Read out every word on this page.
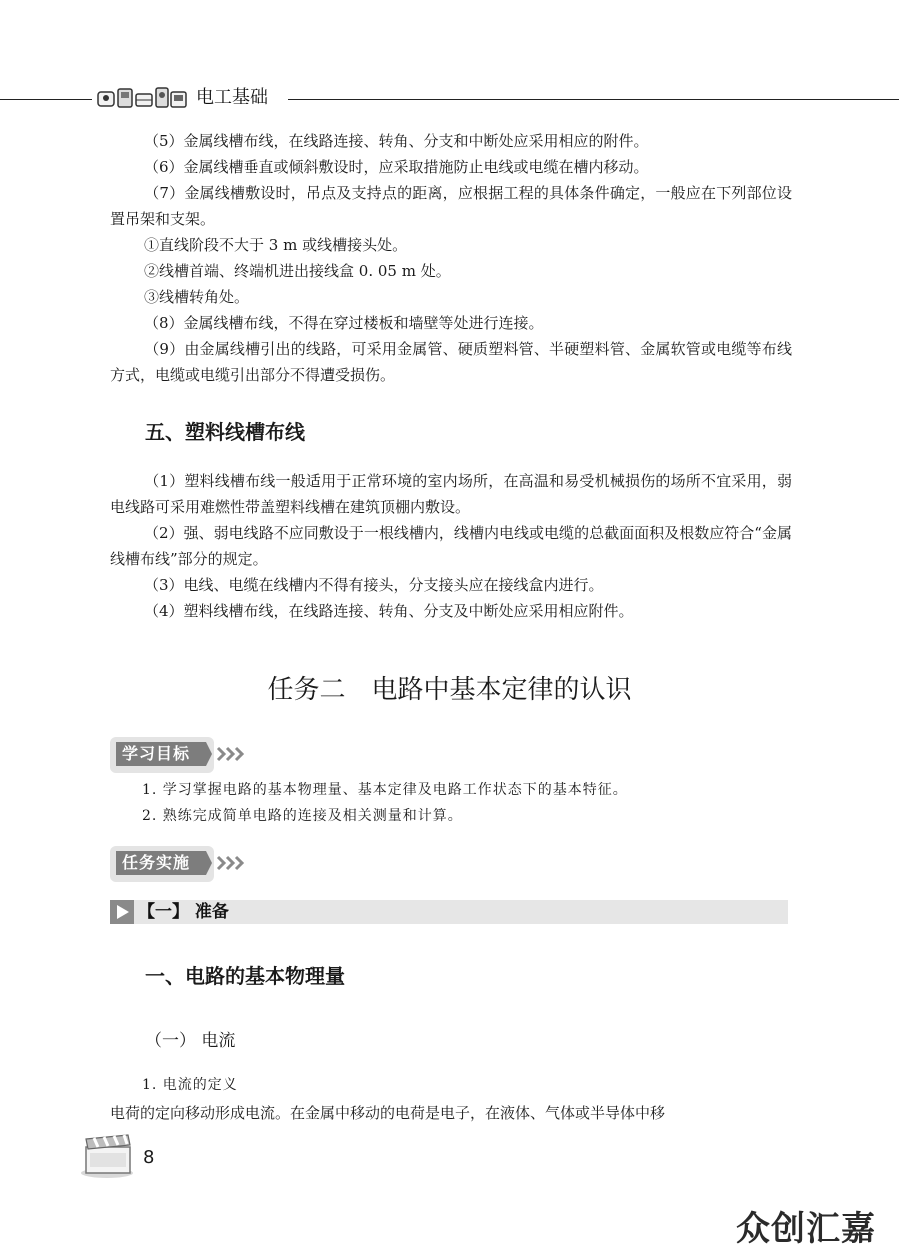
电工基础
（5）金属线槽布线，在线路连接、转角、分支和中断处应采用相应的附件。
（6）金属线槽垂直或倾斜敷设时，应采取措施防止电线或电缆在槽内移动。
（7）金属线槽敷设时，吊点及支持点的距离，应根据工程的具体条件确定，一般应在下列部位设置吊架和支架。
①直线阶段不大于 3 m 或线槽接头处。
②线槽首端、终端机进出接线盒 0. 05 m 处。
③线槽转角处。
（8）金属线槽布线，不得在穿过楼板和墙壁等处进行连接。
（9）由金属线槽引出的线路，可采用金属管、硬质塑料管、半硬塑料管、金属软管或电缆等布线方式，电缆或电缆引出部分不得遭受损伤。
五、塑料线槽布线
（1）塑料线槽布线一般适用于正常环境的室内场所，在高温和易受机械损伤的场所不宜采用，弱电线路可采用难燃性带盖塑料线槽在建筑顶棚内敷设。
（2）强、弱电线路不应同敷设于一根线槽内，线槽内电线或电缆的总截面面积及根数应符合“金属线槽布线”部分的规定。
（3）电线、电缆在线槽内不得有接头，分支接头应在接线盒内进行。
（4）塑料线槽布线，在线路连接、转角、分支及中断处应采用相应附件。
任务二　电路中基本定律的认识
学习目标
1. 学习掌握电路的基本物理量、基本定律及电路工作状态下的基本特征。
2. 熟练完成简单电路的连接及相关测量和计算。
任务实施
【一】 准备
一、电路的基本物理量
（一） 电流
1. 电流的定义
电荷的定向移动形成电流。在金属中移动的电荷是电子，在液体、气体或半导体中移
8
众创汇嘉
